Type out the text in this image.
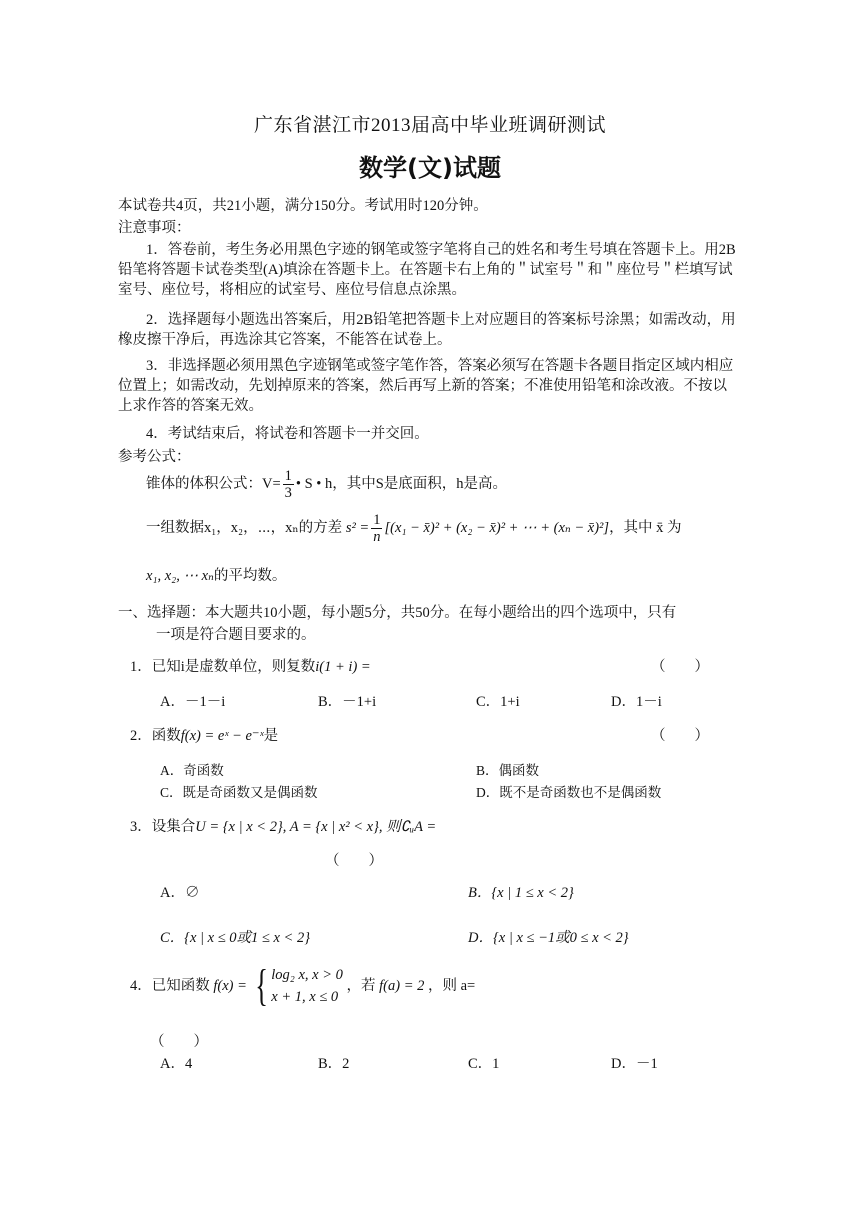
广东省湛江市2013届高中毕业班调研测试
数学(文)试题
本试卷共4页，共21小题，满分150分。考试用时120分钟。
注意事项：
1．答卷前，考生务必用黑色字迹的钢笔或签字笔将自己的姓名和考生号填在答题卡上。用2B铅笔将答题卡试卷类型(A)填涂在答题卡上。在答题卡右上角的＂试室号＂和＂座位号＂栏填写试室号、座位号，将相应的试室号、座位号信息点涂黑。
2．选择题每小题选出答案后，用2B铅笔把答题卡上对应题目的答案标号涂黑；如需改动，用橡皮擦干净后，再选涂其它答案，不能答在试卷上。
3．非选择题必须用黑色字迹钢笔或签字笔作答，答案必须写在答题卡各题目指定区域内相应位置上；如需改动，先划掉原来的答案，然后再写上新的答案；不准使用铅笔和涂改液。不按以上求作答的答案无效。
4．考试结束后，将试卷和答题卡一并交回。
参考公式：
锥体的体积公式：$V= \frac{1}{3}$ • S • h，其中S是底面积，h是高。
一组数据x₁，x₂，⋯，xₙ的方差 $s^2 = \frac{1}{n} [(x_1$ − x̄)² + (x₂ − x̄)² + ⋯ + (xₙ − x̄)²]，其中 x̄ 为
x₁, x₂, ⋯ xₙ的平均数。
一、选择题：本大题共10小题，每小题5分，共50分。在每小题给出的四个选项中，只有
一项是符合题目要求的。
1．已知i是虚数单位，则复数i(1 + i) =	（　　）
A．－1－i	B．－1+i	C．1+i	D．1－i
2．函数f(x) = eˣ − e⁻ˣ是	（　　）
A．奇函数	B．偶函数
C．既是奇函数又是偶函数	D．既不是奇函数也不是偶函数
3．设集合U = {x | x < 2}, A = {x | x² < x}, 则∁ᵤA =
（　　）
A．∅	B．{x | 1 ≤ x < 2}
C．{x | x ≤ 0或1 ≤ x < 2}	D．{x | x ≤ −1或0 ≤ x < 2}
4．已知函数 f(x) = { log₂ x, x > 0
x + 1, x ≤ 0
，若 f(a) = 2 ，则 a=
（　　）
A．4	B．2	C．1	D．－1
